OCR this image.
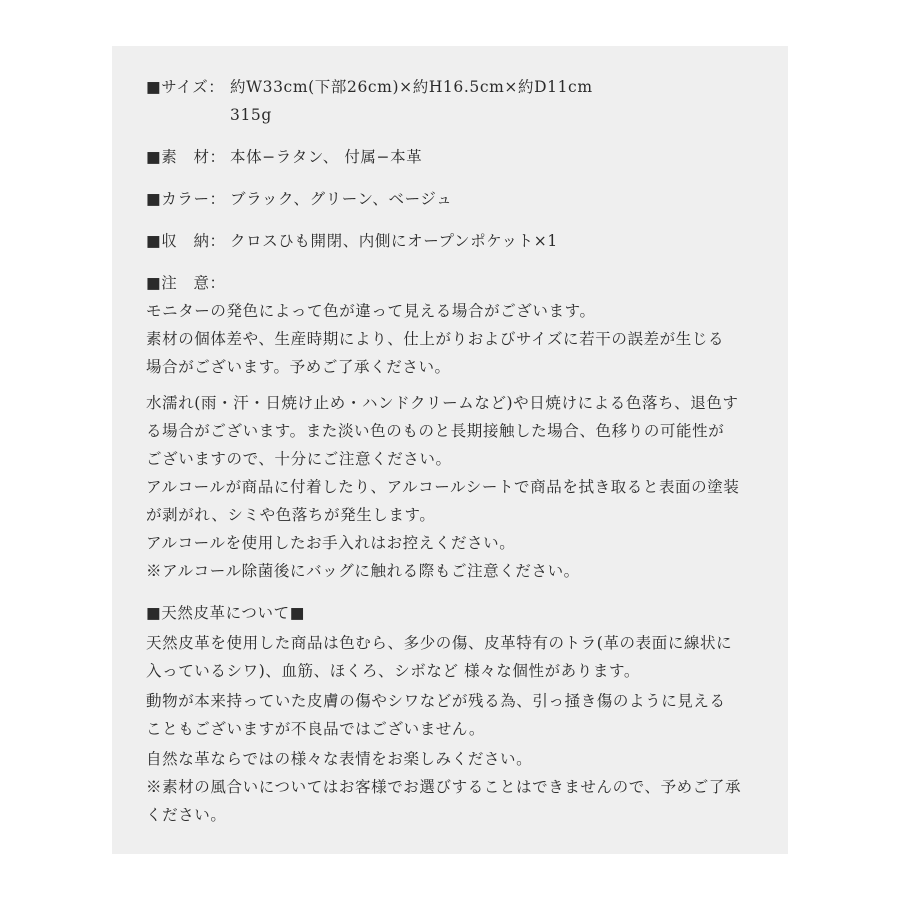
■サイズ： 約W33cm(下部26cm)×約H16.5cm×約D11cm
315g
■素　材： 本体−ラタン、 付属−本革
■カラー： ブラック、グリーン、ベージュ
■収　納： クロスひも開閉、内側にオープンポケット×1
■注　意：
モニターの発色によって色が違って見える場合がございます。
素材の個体差や、生産時期により、仕上がりおよびサイズに若干の誤差が生じる
場合がございます。予めご了承ください。
水濡れ(雨・汗・日焼け止め・ハンドクリームなど)や日焼けによる色落ち、退色す
る場合がございます。また淡い色のものと長期接触した場合、色移りの可能性が
ございますので、十分にご注意ください。
アルコールが商品に付着したり、アルコールシートで商品を拭き取ると表面の塗装
が剥がれ、シミや色落ちが発生します。
アルコールを使用したお手入れはお控えください。
※アルコール除菌後にバッグに触れる際もご注意ください。
■天然皮革について■
天然皮革を使用した商品は色むら、多少の傷、皮革特有のトラ(革の表面に線状に
入っているシワ)、血筋、ほくろ、シボなど 様々な個性があります。
動物が本来持っていた皮膚の傷やシワなどが残る為、引っ掻き傷のように見える
こともございますが不良品ではございません。
自然な革ならではの様々な表情をお楽しみください。
※素材の風合いについてはお客様でお選びすることはできませんので、予めご了承
ください。
